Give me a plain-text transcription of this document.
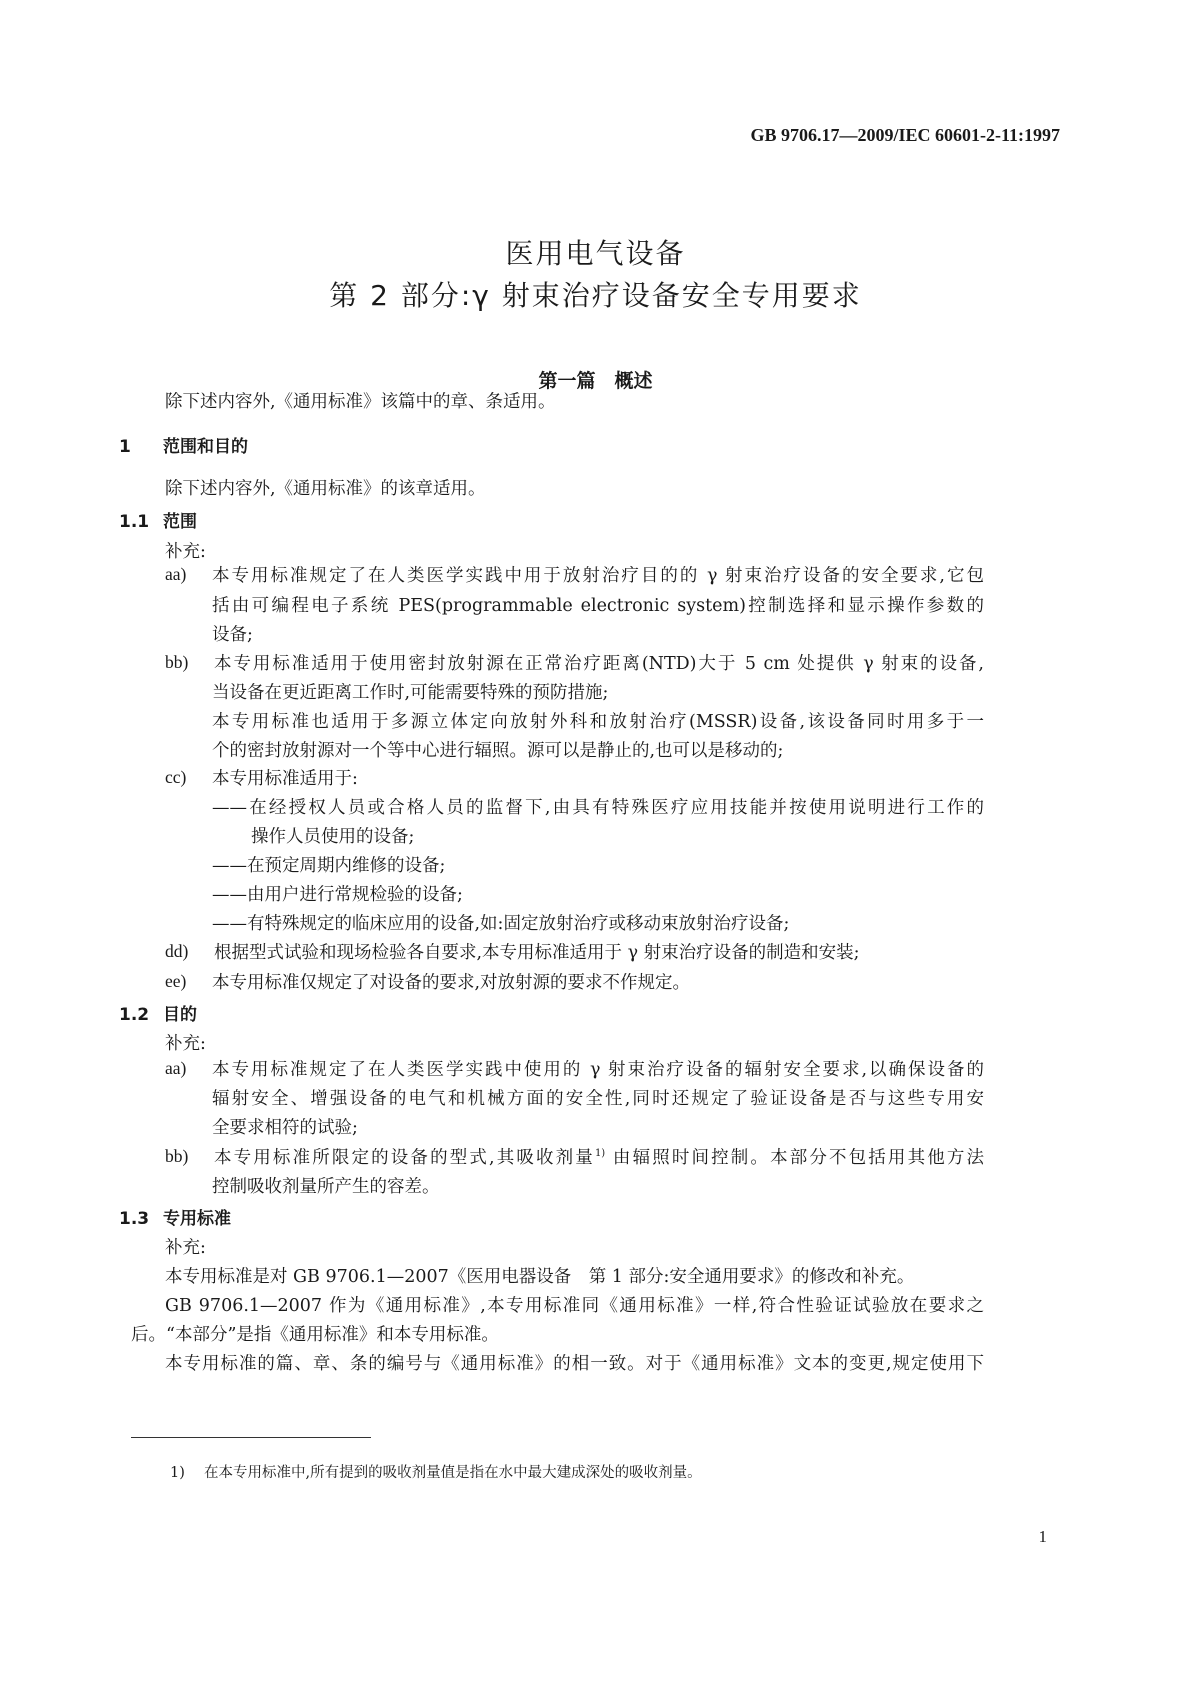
GB 9706.17—2009/IEC 60601-2-11:1997
医用电气设备
第 2 部分:γ 射束治疗设备安全专用要求
第一篇　概述
除下述内容外,《通用标准》该篇中的章、条适用。
1 范围和目的
除下述内容外,《通用标准》的该章适用。
1.1 范围
补充:
aa) 本专用标准规定了在人类医学实践中用于放射治疗目的的 γ 射束治疗设备的安全要求,它包
括由可编程电子系统 PES(programmable electronic system)控制选择和显示操作参数的
设备;
bb) 本专用标准适用于使用密封放射源在正常治疗距离(NTD)大于 5 cm 处提供 γ 射束的设备,
当设备在更近距离工作时,可能需要特殊的预防措施;
本专用标准也适用于多源立体定向放射外科和放射治疗(MSSR)设备,该设备同时用多于一
个的密封放射源对一个等中心进行辐照。源可以是静止的,也可以是移动的;
cc) 本专用标准适用于:
——在经授权人员或合格人员的监督下,由具有特殊医疗应用技能并按使用说明进行工作的
操作人员使用的设备;
——在预定周期内维修的设备;
——由用户进行常规检验的设备;
——有特殊规定的临床应用的设备,如:固定放射治疗或移动束放射治疗设备;
dd) 根据型式试验和现场检验各自要求,本专用标准适用于 γ 射束治疗设备的制造和安装;
ee) 本专用标准仅规定了对设备的要求,对放射源的要求不作规定。
1.2 目的
补充:
aa) 本专用标准规定了在人类医学实践中使用的 γ 射束治疗设备的辐射安全要求,以确保设备的
辐射安全、增强设备的电气和机械方面的安全性,同时还规定了验证设备是否与这些专用安
全要求相符的试验;
bb) 本专用标准所限定的设备的型式,其吸收剂量$^{1)}$ 由辐照时间控制。本部分不包括用其他方法
控制吸收剂量所产生的容差。
1.3 专用标准
补充:
本专用标准是对 GB 9706.1—2007《医用电器设备　第 1 部分:安全通用要求》的修改和补充。
GB 9706.1—2007 作为《通用标准》,本专用标准同《通用标准》一样,符合性验证试验放在要求之
后。“本部分”是指《通用标准》和本专用标准。
本专用标准的篇、章、条的编号与《通用标准》的相一致。对于《通用标准》文本的变更,规定使用下
1)　 在本专用标准中,所有提到的吸收剂量值是指在水中最大建成深处的吸收剂量。
1
